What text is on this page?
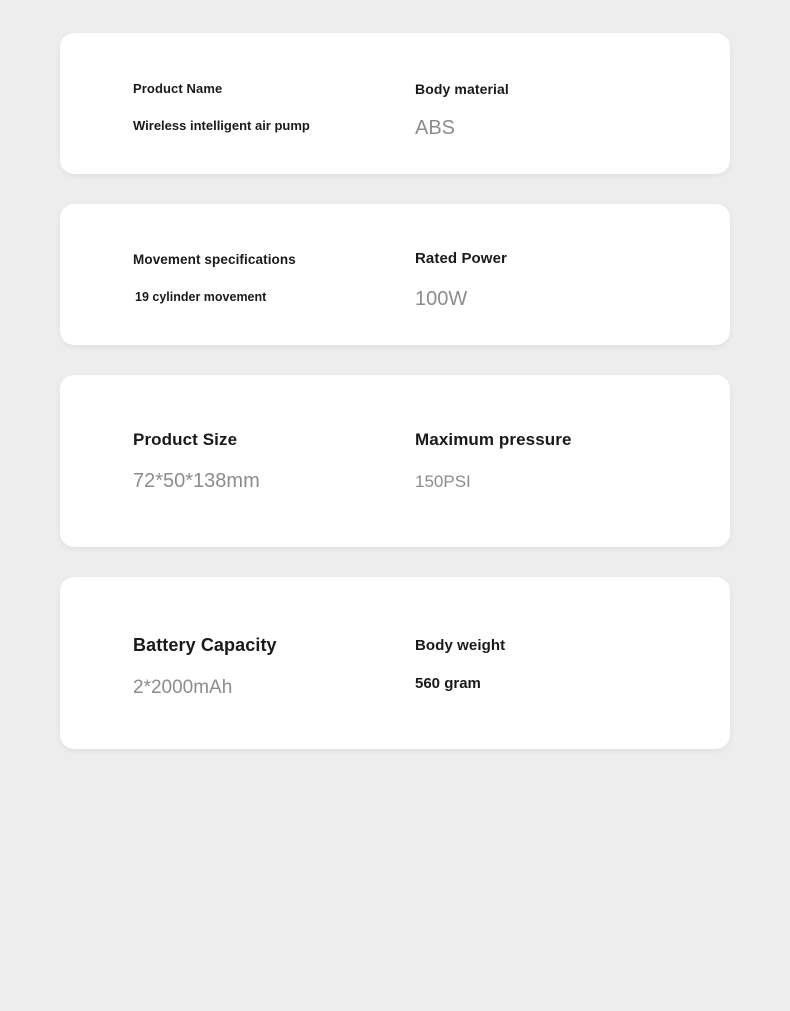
Product Name
Wireless intelligent air pump
Body material
ABS
Movement specifications
19 cylinder movement
Rated Power
100W
Product Size
72*50*138mm
Maximum pressure
150PSI
Battery Capacity
2*2000mAh
Body weight
560 gram
